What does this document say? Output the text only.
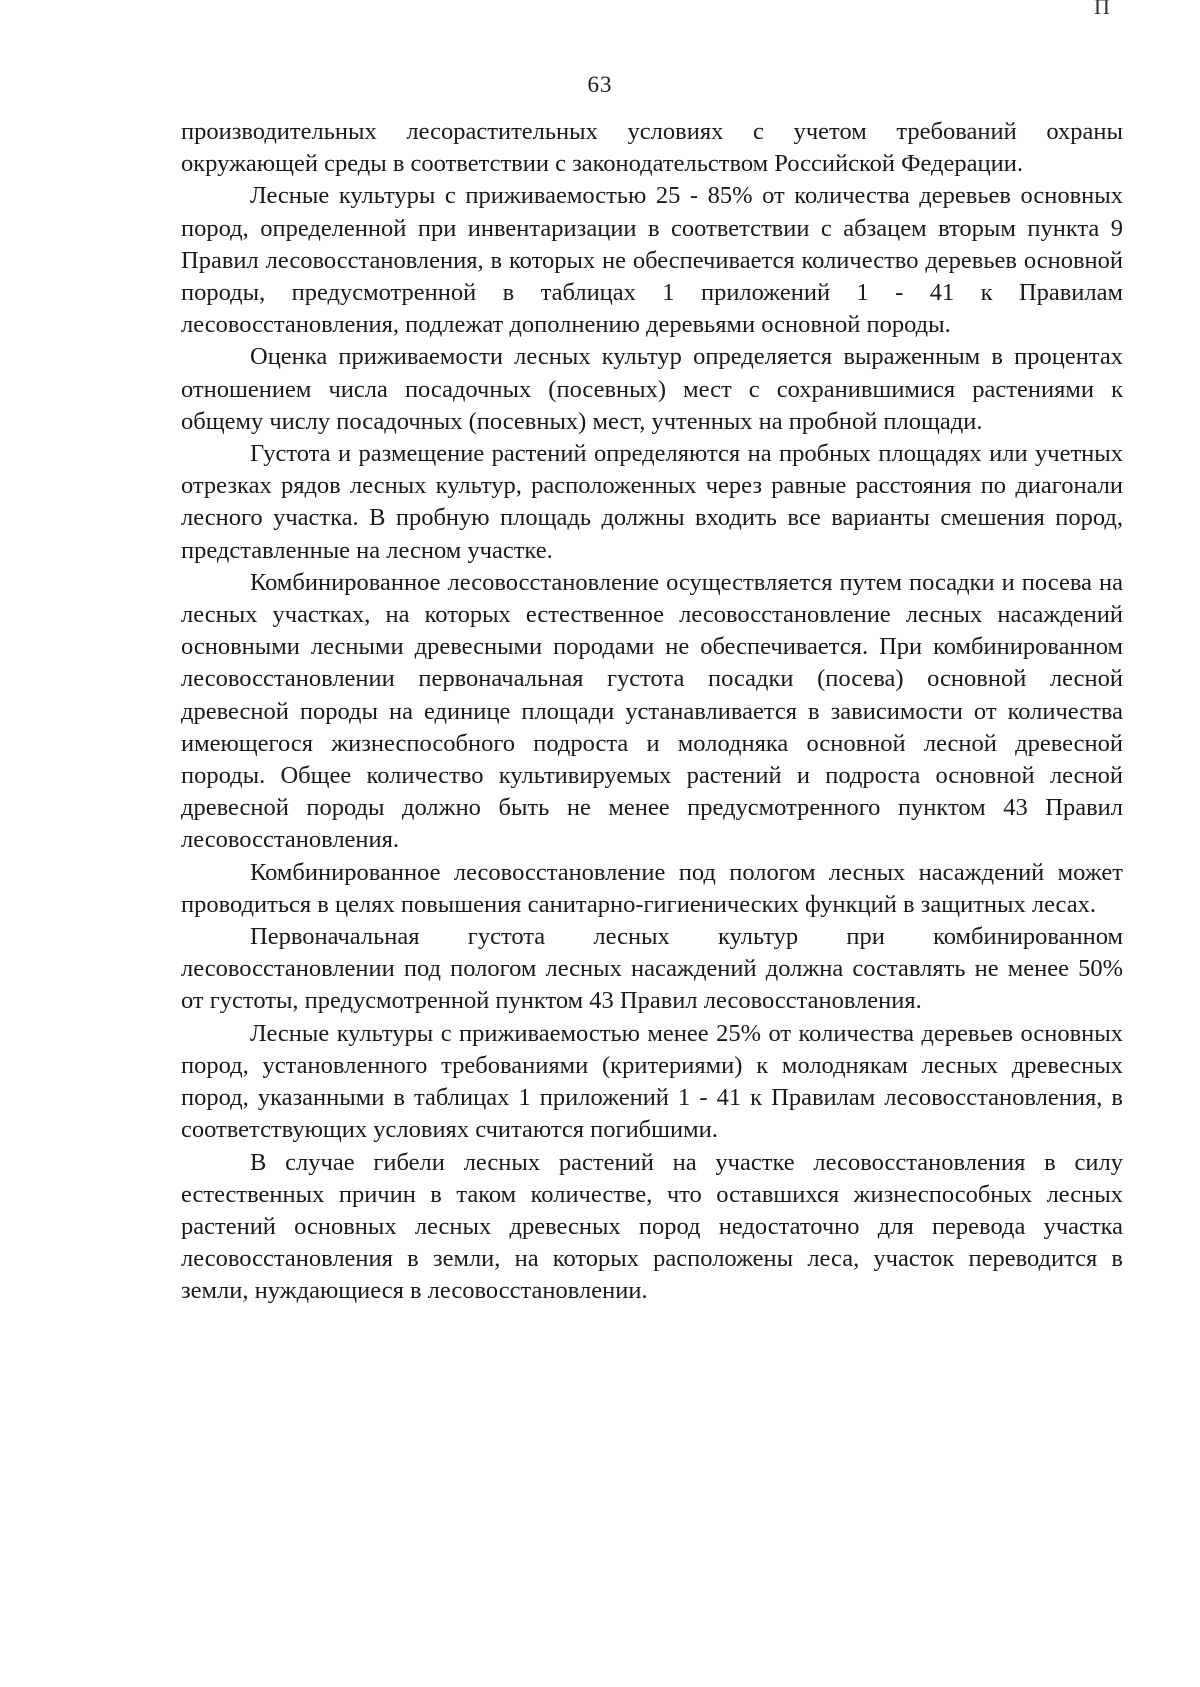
П
63

производительных лесорастительных условиях с учетом требований охраны окружающей среды в соответствии с законодательством Российской Федерации.

Лесные культуры с приживаемостью 25 - 85% от количества деревьев основных пород, определенной при инвентаризации в соответствии с абзацем вторым пункта 9 Правил лесовосстановления, в которых не обеспечивается количество деревьев основной породы, предусмотренной в таблицах 1 приложений 1 - 41 к Правилам лесовосстановления, подлежат дополнению деревьями основной породы.

Оценка приживаемости лесных культур определяется выраженным в процентах отношением числа посадочных (посевных) мест с сохранившимися растениями к общему числу посадочных (посевных) мест, учтенных на пробной площади.

Густота и размещение растений определяются на пробных площадях или учетных отрезках рядов лесных культур, расположенных через равные расстояния по диагонали лесного участка. В пробную площадь должны входить все варианты смешения пород, представленные на лесном участке.

Комбинированное лесовосстановление осуществляется путем посадки и посева на лесных участках, на которых естественное лесовосстановление лесных насаждений основными лесными древесными породами не обеспечивается. При комбинированном лесовосстановлении первоначальная густота посадки (посева) основной лесной древесной породы на единице площади устанавливается в зависимости от количества имеющегося жизнеспособного подроста и молодняка основной лесной древесной породы. Общее количество культивируемых растений и подроста основной лесной древесной породы должно быть не менее предусмотренного пунктом 43 Правил лесовосстановления.

Комбинированное лесовосстановление под пологом лесных насаждений может проводиться в целях повышения санитарно-гигиенических функций в защитных лесах.

Первоначальная густота лесных культур при комбинированном лесовосстановлении под пологом лесных насаждений должна составлять не менее 50% от густоты, предусмотренной пунктом 43 Правил лесовосстановления.

Лесные культуры с приживаемостью менее 25% от количества деревьев основных пород, установленного требованиями (критериями) к молоднякам лесных древесных пород, указанными в таблицах 1 приложений 1 - 41 к Правилам лесовосстановления, в соответствующих условиях считаются погибшими.

В случае гибели лесных растений на участке лесовосстановления в силу естественных причин в таком количестве, что оставшихся жизнеспособных лесных растений основных лесных древесных пород недостаточно для перевода участка лесовосстановления в земли, на которых расположены леса, участок переводится в земли, нуждающиеся в лесовосстановлении.
